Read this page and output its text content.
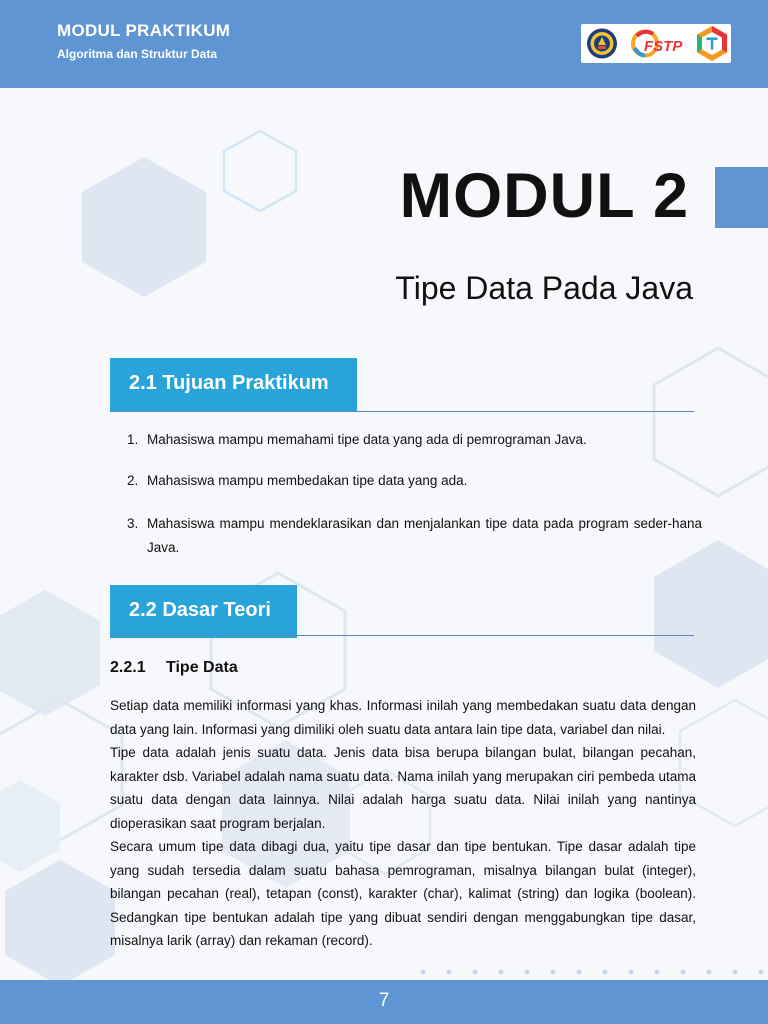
MODUL PRAKTIKUM
Algoritma dan Struktur Data	FSTP
MODUL 2
Tipe Data Pada Java
2.1 Tujuan Praktikum
1. Mahasiswa mampu memahami tipe data yang ada di pemrograman Java.
2. Mahasiswa mampu membedakan tipe data yang ada.
3. Mahasiswa mampu mendeklarasikan dan menjalankan tipe data pada program seder-hana Java.
2.2 Dasar Teori
2.2.1 Tipe Data

Setiap data memiliki informasi yang khas. Informasi inilah yang membedakan suatu data dengan data yang lain. Informasi yang dimiliki oleh suatu data antara lain tipe data, variabel dan nilai.

Tipe data adalah jenis suatu data. Jenis data bisa berupa bilangan bulat, bilangan pecahan, karakter dsb. Variabel adalah nama suatu data. Nama inilah yang merupakan ciri pembeda utama suatu data dengan data lainnya. Nilai adalah harga suatu data. Nilai inilah yang nantinya dioperasikan saat program berjalan.

Secara umum tipe data dibagi dua, yaitu tipe dasar dan tipe bentukan. Tipe dasar adalah tipe yang sudah tersedia dalam suatu bahasa pemrograman, misalnya bilangan bulat (integer), bilangan pecahan (real), tetapan (const), karakter (char), kalimat (string) dan logika (boolean). Sedangkan tipe bentukan adalah tipe yang dibuat sendiri dengan menggabungkan tipe dasar, misalnya larik (array) dan rekaman (record).

7
